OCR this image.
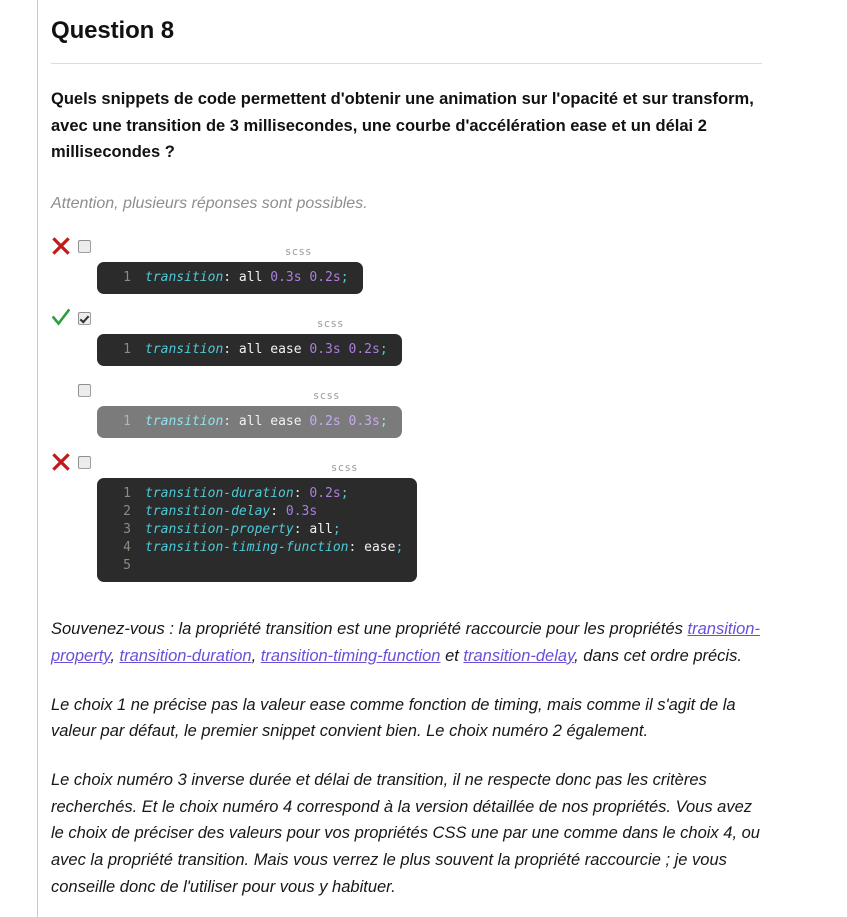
Question 8

Quels snippets de code permettent d'obtenir une animation sur l'opacité et sur transform, avec une transition de 3 millisecondes, une courbe d'accélération ease et un délai 2 millisecondes ?

Attention, plusieurs réponses sont possibles.

scss
1 transition: all 0.3s 0.2s;
scss
1 transition: all ease 0.3s 0.2s;
scss
1 transition: all ease 0.2s 0.3s;
scss
1 transition-duration: 0.2s;
2 transition-delay: 0.3s
3 transition-property: all;
4 transition-timing-function: ease;
5

Souvenez-vous : la propriété transition est une propriété raccourcie pour les propriétés transition-property, transition-duration, transition-timing-function et transition-delay, dans cet ordre précis.

Le choix 1 ne précise pas la valeur ease comme fonction de timing, mais comme il s'agit de la valeur par défaut, le premier snippet convient bien. Le choix numéro 2 également.

Le choix numéro 3 inverse durée et délai de transition, il ne respecte donc pas les critères recherchés. Et le choix numéro 4 correspond à la version détaillée de nos propriétés. Vous avez le choix de préciser des valeurs pour vos propriétés CSS une par une comme dans le choix 4, ou avec la propriété transition. Mais vous verrez le plus souvent la propriété raccourcie ; je vous conseille donc de l'utiliser pour vous y habituer.
